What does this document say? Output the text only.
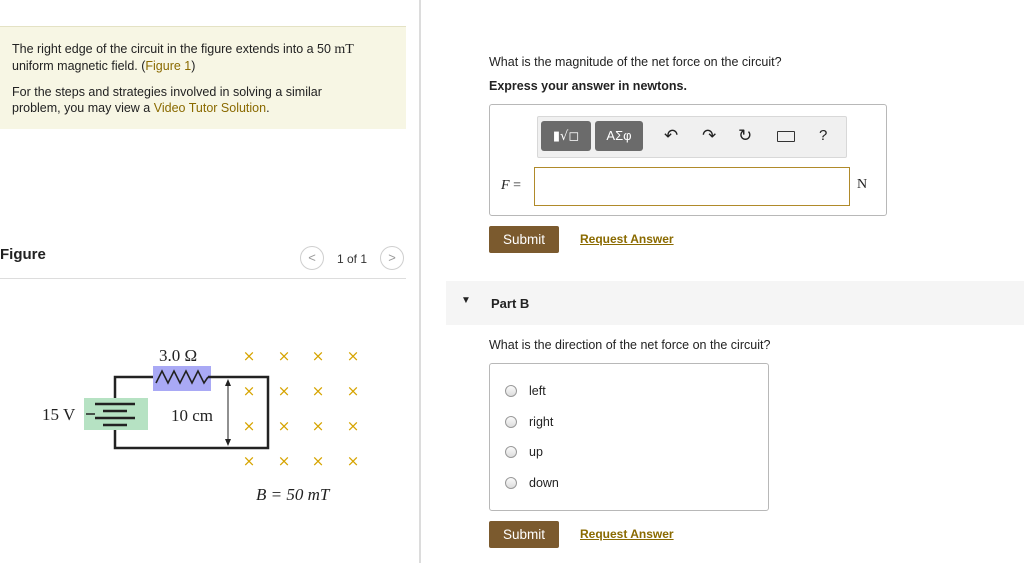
The right edge of the circuit in the figure extends into a 50 mT

uniform magnetic field. (Figure 1)

For the steps and strategies involved in solving a similar

problem, you may view a Video Tutor Solution.

Figure	<	1 of 1	>
× × × ×
× × × ×
× × × ×
× × × ×
3.0 Ω
15 V	10 cm
B = 50 mT
What is the magnitude of the net force on the circuit?
Express your answer in newtons.
▮√◻	ΑΣφ	↶ ↷ ↻	?
F =	N
Submit	Request Answer
▼ Part B
What is the direction of the net force on the circuit?
left
right
up
down
Submit	Request Answer
